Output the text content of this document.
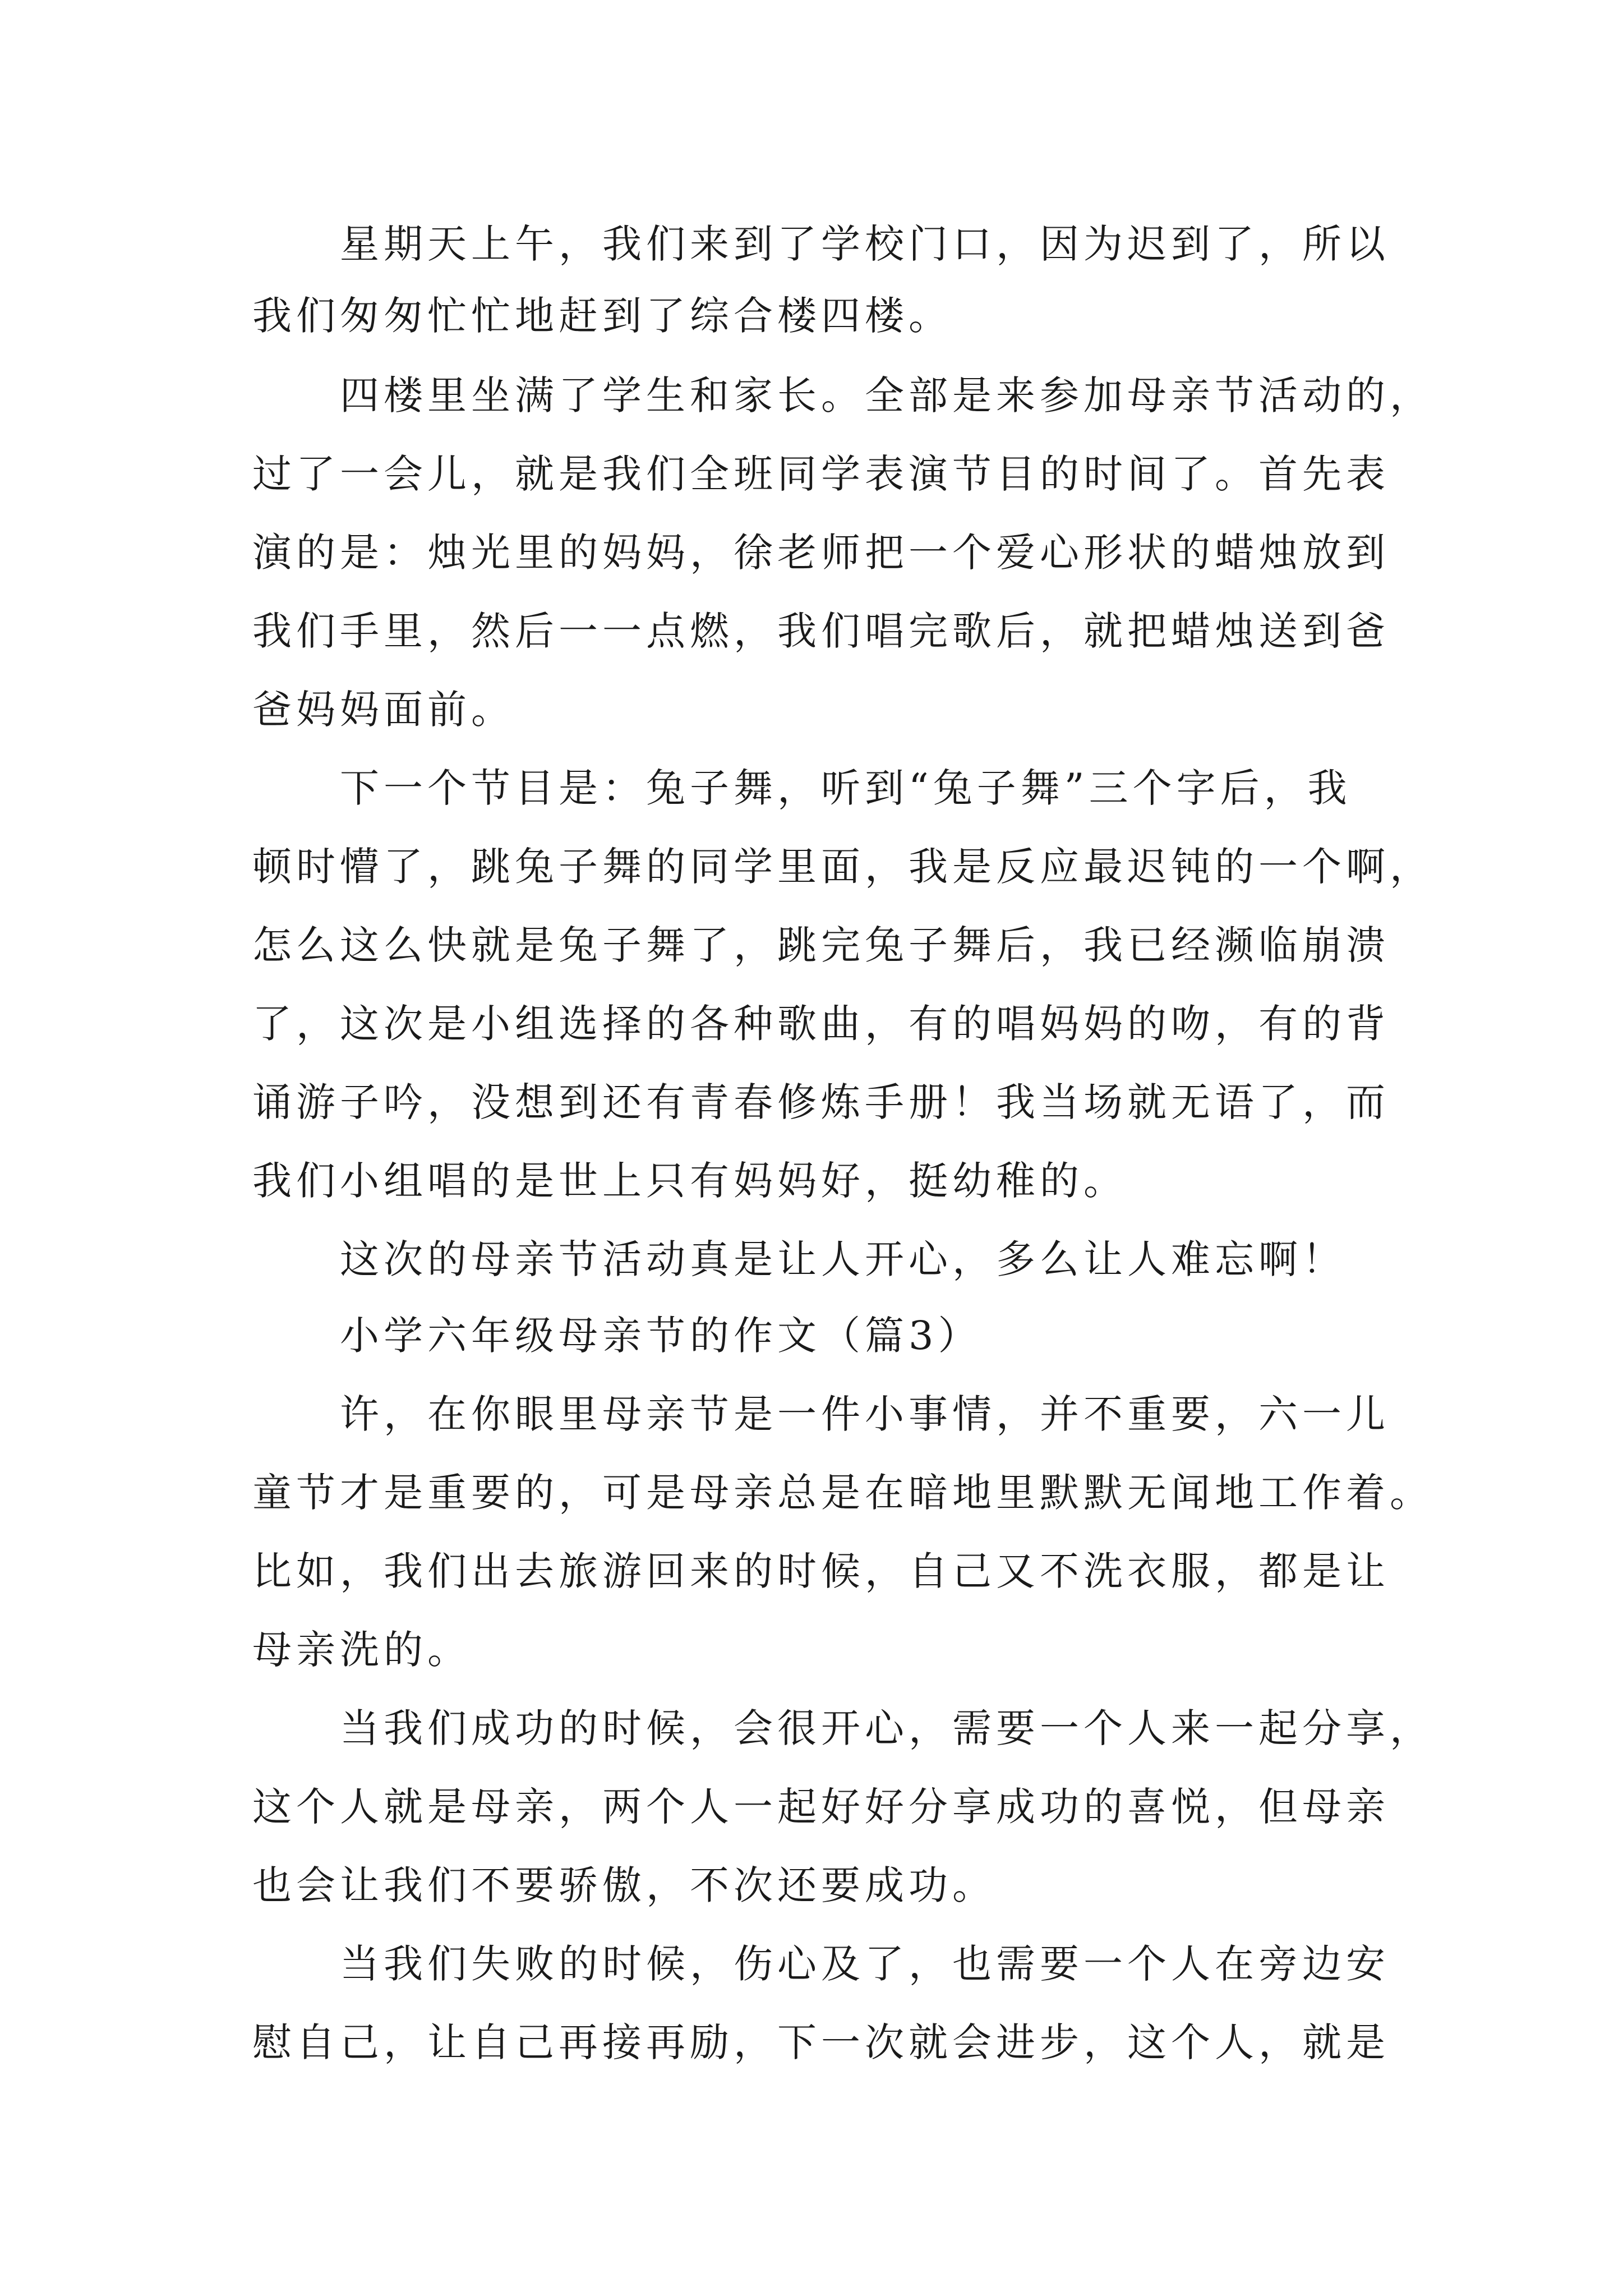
星期天上午，我们来到了学校门口，因为迟到了，所以
我们匆匆忙忙地赶到了综合楼四楼。
四楼里坐满了学生和家长。全部是来参加母亲节活动的，
过了一会儿，就是我们全班同学表演节目的时间了。首先表
演的是：烛光里的妈妈，徐老师把一个爱心形状的蜡烛放到
我们手里，然后一一点燃，我们唱完歌后，就把蜡烛送到爸
爸妈妈面前。
下一个节目是：兔子舞，听到“兔子舞”三个字后，我
顿时懵了，跳兔子舞的同学里面，我是反应最迟钝的一个啊，
怎么这么快就是兔子舞了，跳完兔子舞后，我已经濒临崩溃
了，这次是小组选择的各种歌曲，有的唱妈妈的吻，有的背
诵游子吟，没想到还有青春修炼手册！我当场就无语了，而
我们小组唱的是世上只有妈妈好，挺幼稚的。
这次的母亲节活动真是让人开心，多么让人难忘啊！
小学六年级母亲节的作文（篇3）
许，在你眼里母亲节是一件小事情，并不重要，六一儿
童节才是重要的，可是母亲总是在暗地里默默无闻地工作着。
比如，我们出去旅游回来的时候，自己又不洗衣服，都是让
母亲洗的。
当我们成功的时候，会很开心，需要一个人来一起分享，
这个人就是母亲，两个人一起好好分享成功的喜悦，但母亲
也会让我们不要骄傲，不次还要成功。
当我们失败的时候，伤心及了，也需要一个人在旁边安
慰自己，让自己再接再励，下一次就会进步，这个人，就是
